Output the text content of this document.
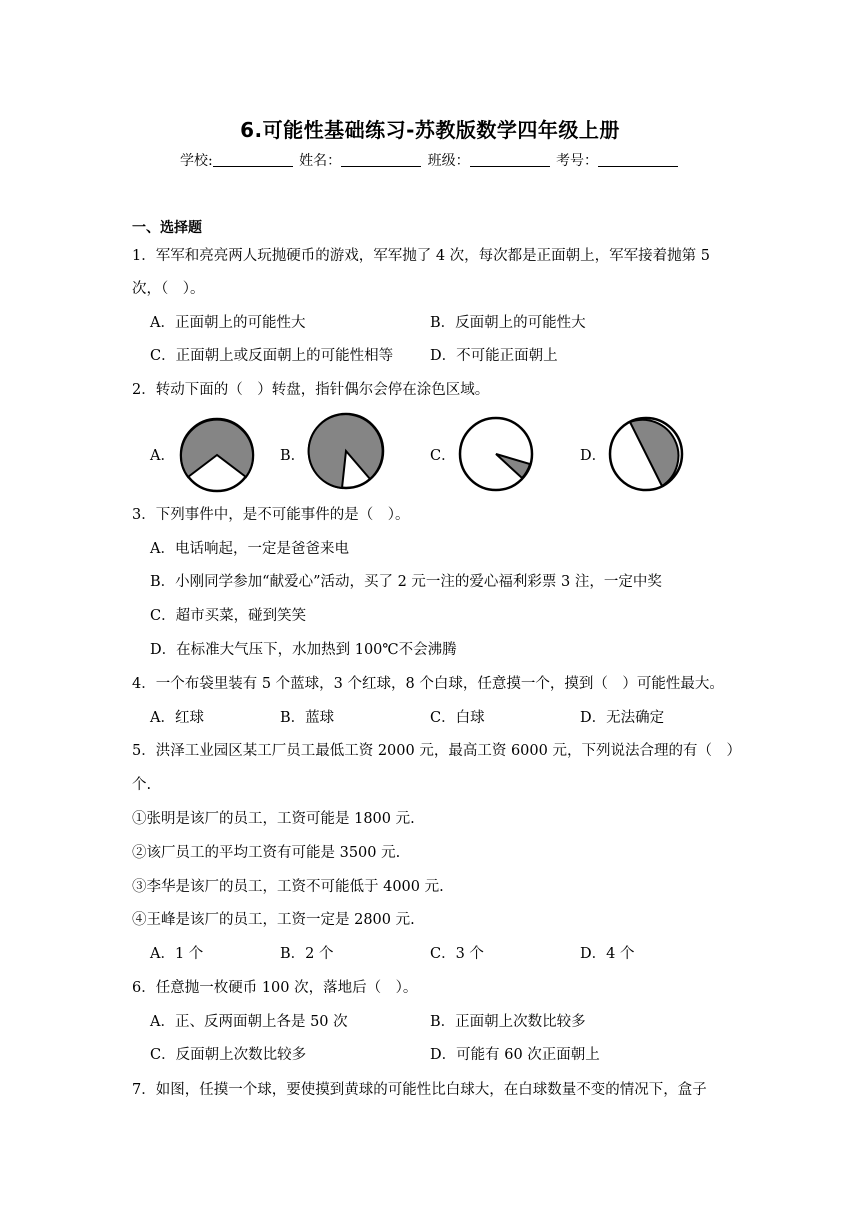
6.可能性基础练习-苏教版数学四年级上册
学校:	姓名：	班级：	考号：
一、选择题
1．军军和亮亮两人玩抛硬币的游戏，军军抛了 4 次，每次都是正面朝上，军军接着抛第 5
次，（　）。
A．正面朝上的可能性大	B．反面朝上的可能性大
C．正面朝上或反面朝上的可能性相等	D．不可能正面朝上
2．转动下面的（　）转盘，指针偶尔会停在涂色区域。
A．	B．	C．	D．
3．下列事件中，是不可能事件的是（　）。
A．电话响起，一定是爸爸来电
B．小刚同学参加“献爱心”活动，买了 2 元一注的爱心福利彩票 3 注，一定中奖
C．超市买菜，碰到笑笑
D．在标准大气压下，水加热到 100℃不会沸腾
4．一个布袋里装有 5 个蓝球，3 个红球，8 个白球，任意摸一个，摸到（　）可能性最大。
A．红球	B．蓝球	C．白球	D．无法确定
5．洪泽工业园区某工厂员工最低工资 2000 元，最高工资 6000 元，下列说法合理的有（　）
个.
①张明是该厂的员工，工资可能是 1800 元.
②该厂员工的平均工资有可能是 3500 元.
③李华是该厂的员工，工资不可能低于 4000 元.
④王峰是该厂的员工，工资一定是 2800 元.
A．1 个	B．2 个	C．3 个	D．4 个
6．任意抛一枚硬币 100 次，落地后（　）。
A．正、反两面朝上各是 50 次	B．正面朝上次数比较多
C．反面朝上次数比较多	D．可能有 60 次正面朝上
7．如图，任摸一个球，要使摸到黄球的可能性比白球大，在白球数量不变的情况下，盒子
